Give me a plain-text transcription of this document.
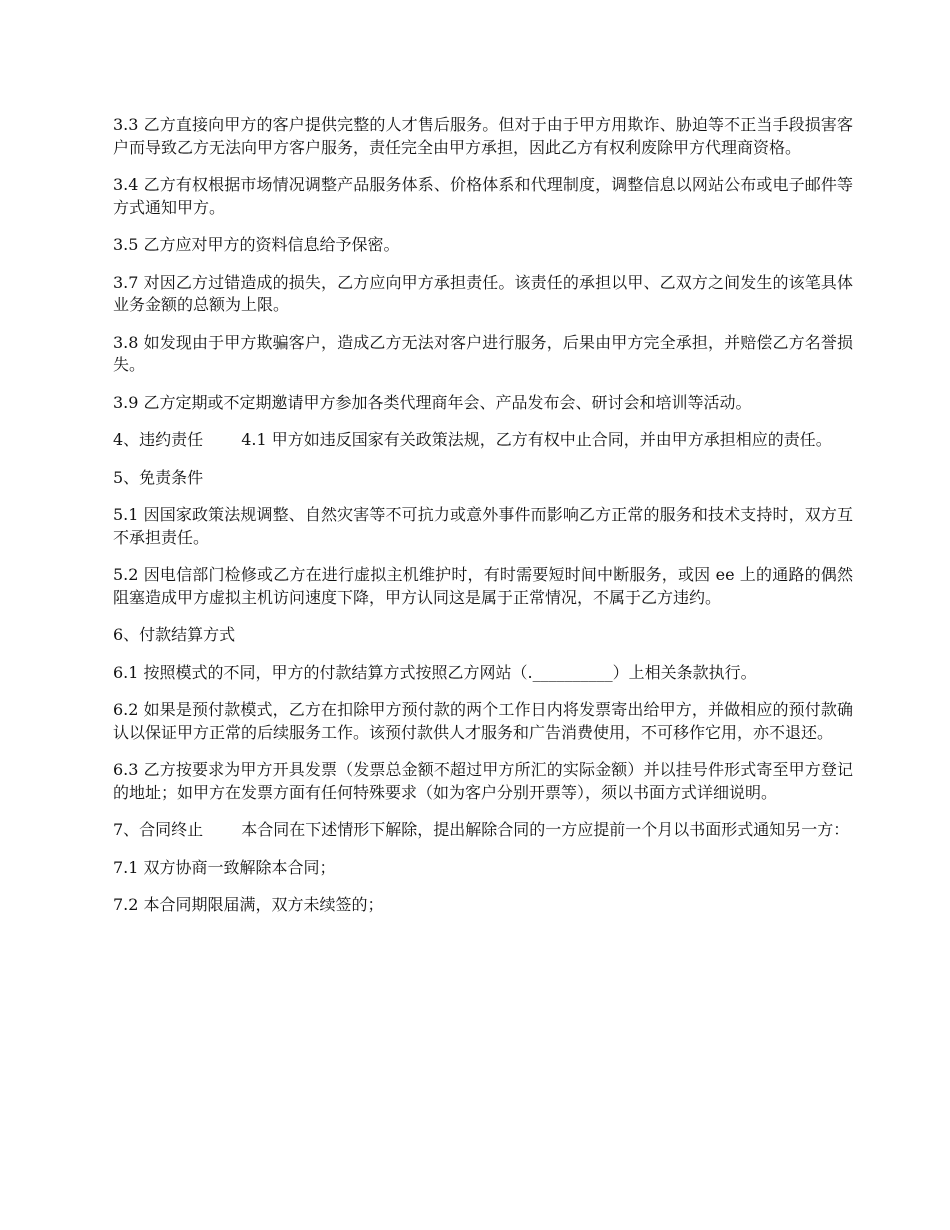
3.3 乙方直接向甲方的客户提供完整的人才售后服务。但对于由于甲方用欺诈、胁迫等不正当手段损害客户而导致乙方无法向甲方客户服务，责任完全由甲方承担，因此乙方有权利废除甲方代理商资格。

3.4 乙方有权根据市场情况调整产品服务体系、价格体系和代理制度，调整信息以网站公布或电子邮件等方式通知甲方。

3.5 乙方应对甲方的资料信息给予保密。

3.7 对因乙方过错造成的损失，乙方应向甲方承担责任。该责任的承担以甲、乙双方之间发生的该笔具体业务金额的总额为上限。

3.8 如发现由于甲方欺骗客户，造成乙方无法对客户进行服务，后果由甲方完全承担，并赔偿乙方名誉损失。

3.9 乙方定期或不定期邀请甲方参加各类代理商年会、产品发布会、研讨会和培训等活动。

4、违约责任 4.1 甲方如违反国家有关政策法规，乙方有权中止合同，并由甲方承担相应的责任。

5、免责条件

5.1 因国家政策法规调整、自然灾害等不可抗力或意外事件而影响乙方正常的服务和技术支持时，双方互不承担责任。

5.2 因电信部门检修或乙方在进行虚拟主机维护时，有时需要短时间中断服务，或因 ee 上的通路的偶然阻塞造成甲方虚拟主机访问速度下降，甲方认同这是属于正常情况，不属于乙方违约。

6、付款结算方式

6.1 按照模式的不同，甲方的付款结算方式按照乙方网站（.__________）上相关条款执行。

6.2 如果是预付款模式，乙方在扣除甲方预付款的两个工作日内将发票寄出给甲方，并做相应的预付款确认以保证甲方正常的后续服务工作。该预付款供人才服务和广告消费使用，不可移作它用，亦不退还。

6.3 乙方按要求为甲方开具发票（发票总金额不超过甲方所汇的实际金额）并以挂号件形式寄至甲方登记的地址；如甲方在发票方面有任何特殊要求（如为客户分别开票等），须以书面方式详细说明。

7、合同终止 本合同在下述情形下解除，提出解除合同的一方应提前一个月以书面形式通知另一方：

7.1 双方协商一致解除本合同；

7.2 本合同期限届满，双方未续签的；
